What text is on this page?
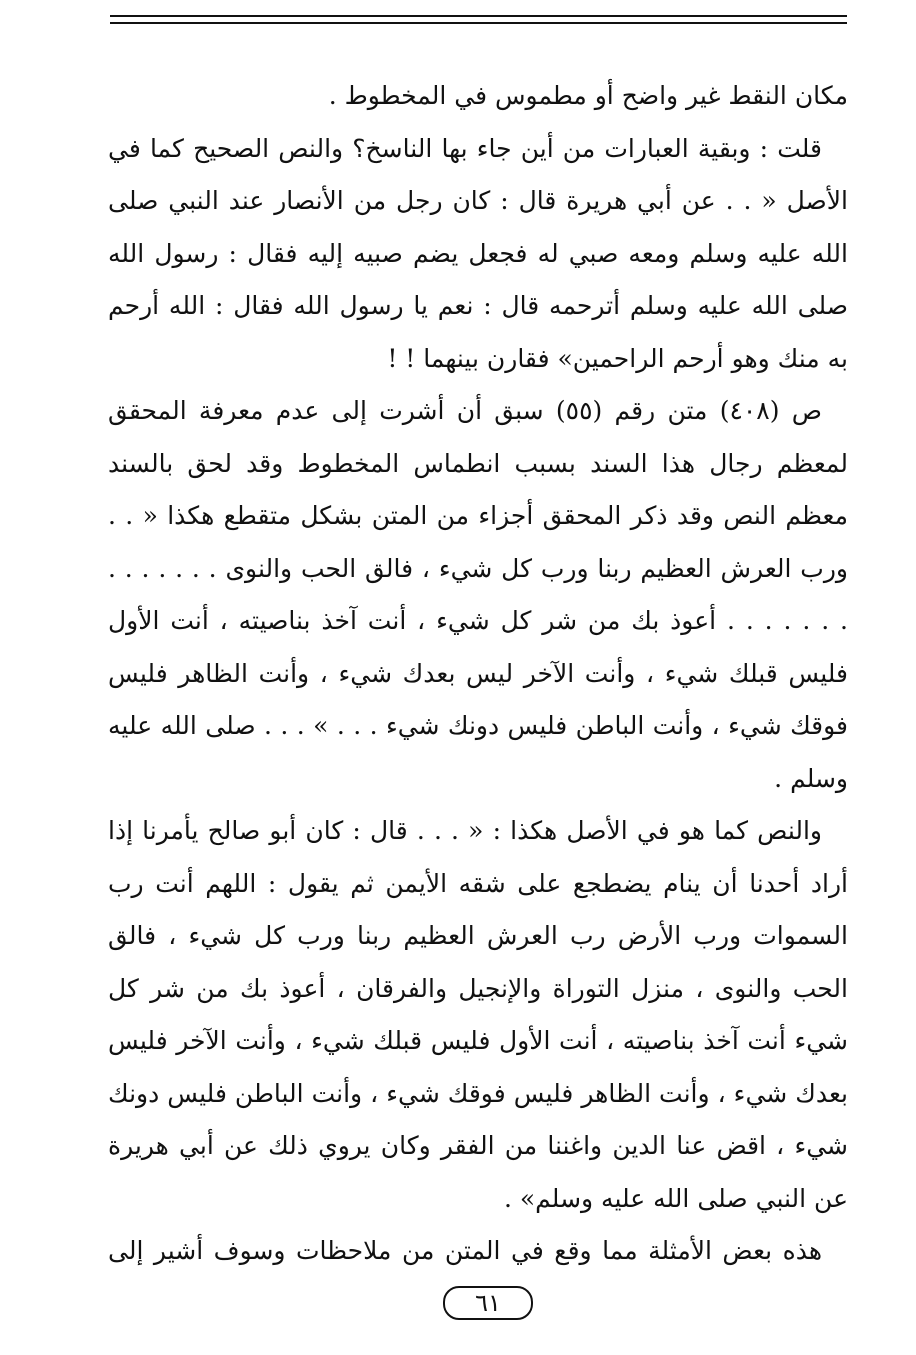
مكان النقط غير واضح أو مطموس في المخطوط .

قلت : وبقية العبارات من أين جاء بها الناسخ؟ والنص الصحيح كما في الأصل « . . عن أبي هريرة قال : كان رجل من الأنصار عند النبي صلى الله عليه وسلم ومعه صبي له فجعل يضم صبيه إليه فقال : رسول الله صلى الله عليه وسلم أترحمه قال : نعم يا رسول الله فقال : الله أرحم به منك وهو أرحم الراحمين» فقارن بينهما ! !

ص (٤٠٨) متن رقم (٥٥) سبق أن أشرت إلى عدم معرفة المحقق لمعظم رجال هذا السند بسبب انطماس المخطوط وقد لحق بالسند معظم النص وقد ذكر المحقق أجزاء من المتن بشكل متقطع هكذا « . . ورب العرش العظيم ربنا ورب كل شيء ، فالق الحب والنوى . . . . . . . . . . . . . . أعوذ بك من شر كل شيء ، أنت آخذ بناصيته ، أنت الأول فليس قبلك شيء ، وأنت الآخر ليس بعدك شيء ، وأنت الظاهر فليس فوقك شيء ، وأنت الباطن فليس دونك شيء . . . » . . . صلى الله عليه وسلم .

والنص كما هو في الأصل هكذا : « . . . قال : كان أبو صالح يأمرنا إذا أراد أحدنا أن ينام يضطجع على شقه الأيمن ثم يقول : اللهم أنت رب السموات ورب الأرض رب العرش العظيم ربنا ورب كل شيء ، فالق الحب والنوى ، منزل التوراة والإنجيل والفرقان ، أعوذ بك من شر كل شيء أنت آخذ بناصيته ، أنت الأول فليس قبلك شيء ، وأنت الآخر فليس بعدك شيء ، وأنت الظاهر فليس فوقك شيء ، وأنت الباطن فليس دونك شيء ، اقض عنا الدين واغننا من الفقر وكان يروي ذلك عن أبي هريرة عن النبي صلى الله عليه وسلم» .

هذه بعض الأمثلة مما وقع في المتن من ملاحظات وسوف أشير إلى

٦١
